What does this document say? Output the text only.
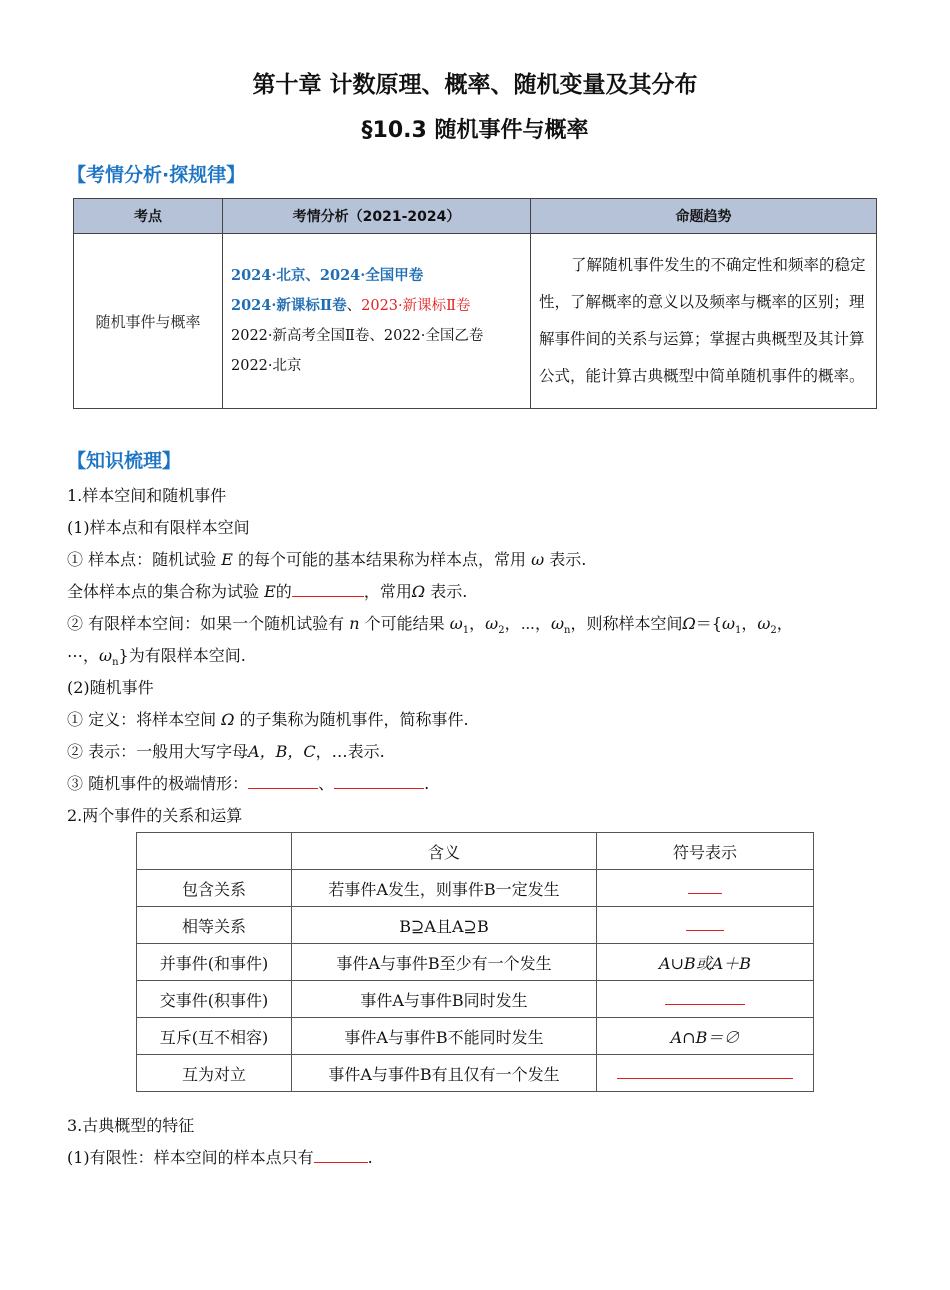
第十章 计数原理、概率、随机变量及其分布
§10.3 随机事件与概率
【考情分析·探规律】
考点	考情分析（2021-2024）	命题趋势
随机事件与概率	2024·北京、2024·全国甲卷
2024·新课标Ⅱ卷、2023·新课标Ⅱ卷
2022·新高考全国Ⅱ卷、2022·全国乙卷
2022·北京	了解随机事件发生的不确定性和频率的稳定性，了解概率的意义以及频率与概率的区别；理解事件间的关系与运算；掌握古典概型及其计算公式，能计算古典概型中简单随机事件的概率。
【知识梳理】
1.样本空间和随机事件
(1)样本点和有限样本空间
① 样本点：随机试验 E 的每个可能的基本结果称为样本点，常用 ω 表示.
全体样本点的集合称为试验 E的	，常用Ω 表示.
② 有限样本空间：如果一个随机试验有 n 个可能结果 $\omega_1$，$\omega_2$，⋯，$\omega_n$，则称样本空间$\Omega=\{\omega_1$，$\omega_2$，
⋯，$\omega_n$}为有限样本空间.
(2)随机事件
① 定义：将样本空间 Ω 的子集称为随机事件，简称事件.
② 表示：一般用大写字母A，B，C，…表示.
③ 随机事件的极端情形：	、	.
2.两个事件的关系和运算
	含义	符号表示
包含关系	若事件A发生，则事件B一定发生	
相等关系	B⊇A且A⊇B	
并事件(和事件)	事件A与事件B至少有一个发生	A∪B或A＋B
交事件(积事件)	事件A与事件B同时发生	
互斥(互不相容)	事件A与事件B不能同时发生	A∩B＝∅
互为对立	事件A与事件B有且仅有一个发生	
3.古典概型的特征
(1)有限性：样本空间的样本点只有	.
